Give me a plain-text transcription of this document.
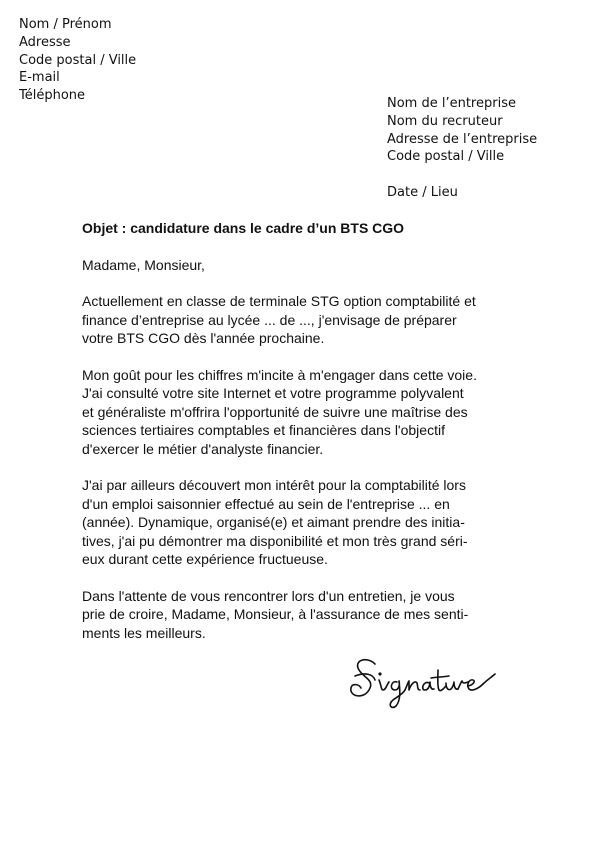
Nom / Prénom
Adresse
Code postal / Ville
E-mail
Téléphone
Nom de l’entreprise
Nom du recruteur
Adresse de l’entreprise
Code postal / Ville
Date / Lieu

Objet : candidature dans le cadre d’un BTS CGO

Madame, Monsieur,

Actuellement en classe de terminale STG option comptabilité et
finance d’entreprise au lycée ... de ..., j'envisage de préparer
votre BTS CGO dès l'année prochaine.

Mon goût pour les chiffres m'incite à m'engager dans cette voie.
J'ai consulté votre site Internet et votre programme polyvalent
et généraliste m'offrira l'opportunité de suivre une maîtrise des
sciences tertiaires comptables et financières dans l'objectif
d'exercer le métier d'analyste financier.

J'ai par ailleurs découvert mon intérêt pour la comptabilité lors
d'un emploi saisonnier effectué au sein de l'entreprise ... en
(année). Dynamique, organisé(e) et aimant prendre des initia-
tives, j'ai pu démontrer ma disponibilité et mon très grand séri-
eux durant cette expérience fructueuse.

Dans l'attente de vous rencontrer lors d'un entretien, je vous
prie de croire, Madame, Monsieur, à l'assurance de mes senti-
ments les meilleurs.
